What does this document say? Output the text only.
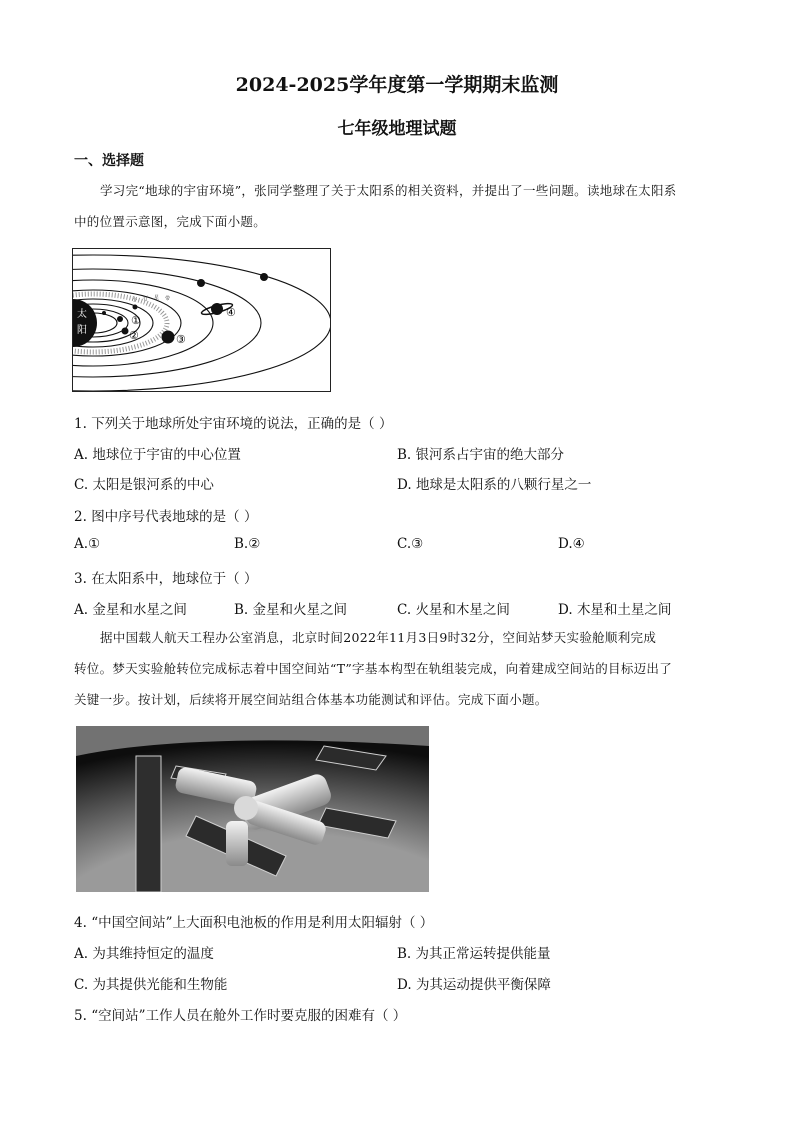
2024-2025学年度第一学期期末监测
七年级地理试题
一、选择题
学习完“地球的宇宙环境”，张同学整理了关于太阳系的相关资料，并提出了一些问题。读地球在太阳系
中的位置示意图，完成下面小题。
太
阳
小 行 星 带
①
②	③
④
1. 下列关于地球所处宇宙环境的说法，正确的是（ ）
A. 地球位于宇宙的中心位置	B. 银河系占宇宙的绝大部分
C. 太阳是银河系的中心	D. 地球是太阳系的八颗行星之一
2. 图中序号代表地球的是（ ）
A.①	B.②	C.③	D.④
3. 在太阳系中，地球位于（ ）
A. 金星和水星之间	B. 金星和火星之间	C. 火星和木星之间	D. 木星和土星之间
据中国载人航天工程办公室消息，北京时间2022年11月3日9时32分，空间站梦天实验舱顺利完成
转位。梦天实验舱转位完成标志着中国空间站“T”字基本构型在轨组装完成，向着建成空间站的目标迈出了
关键一步。按计划，后续将开展空间站组合体基本功能测试和评估。完成下面小题。
4. “中国空间站”上大面积电池板的作用是利用太阳辐射（ ）
A. 为其维持恒定的温度	B. 为其正常运转提供能量
C. 为其提供光能和生物能	D. 为其运动提供平衡保障
5. “空间站”工作人员在舱外工作时要克服的困难有（ ）
